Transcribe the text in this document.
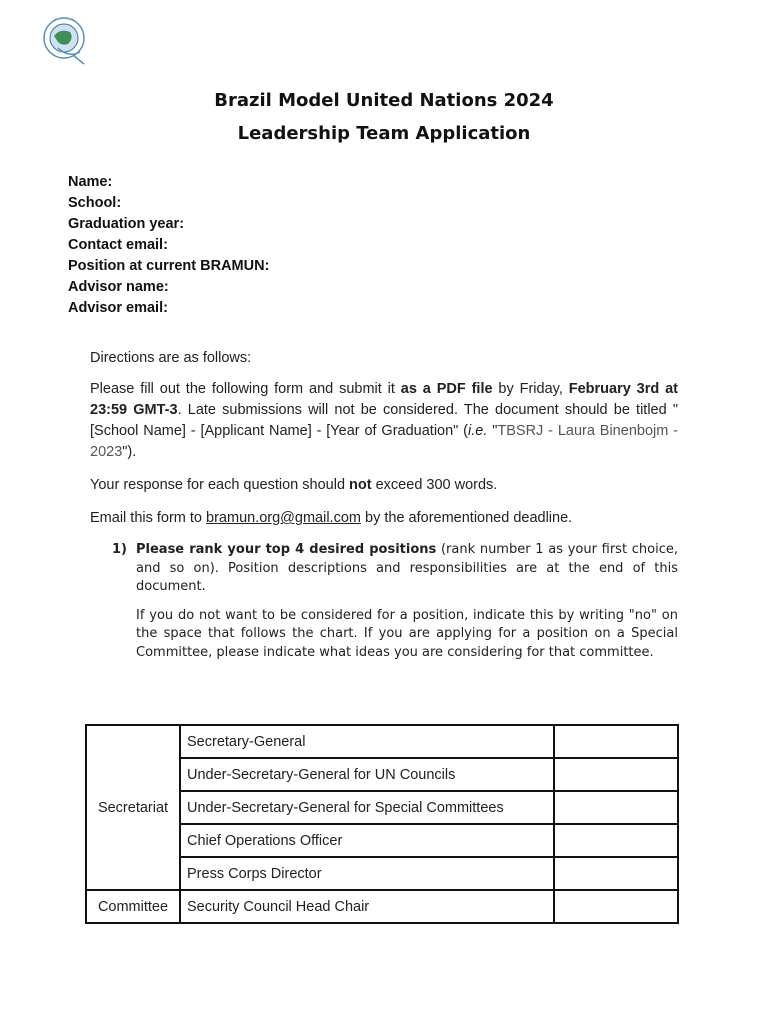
Brazil Model United Nations 2024
Leadership Team Application
Name:
School:
Graduation year:
Contact email:
Position at current BRAMUN:
Advisor name:
Advisor email:
Directions are as follows:
Please fill out the following form and submit it as a PDF file by Friday, February 3rd at 23:59 GMT-3. Late submissions will not be considered. The document should be titled "[School Name] - [Applicant Name] - [Year of Graduation" (i.e. "TBSRJ - Laura Binenbojm - 2023").
Your response for each question should not exceed 300 words.
Email this form to bramun.org@gmail.com by the aforementioned deadline.
1) Please rank your top 4 desired positions (rank number 1 as your first choice, and so on). Position descriptions and responsibilities are at the end of this document.
If you do not want to be considered for a position, indicate this by writing "no" on the space that follows the chart. If you are applying for a position on a Special Committee, please indicate what ideas you are considering for that committee.
Secretariat	Secretary-General	
	Under-Secretary-General for UN Councils	
	Under-Secretary-General for Special Committees	
	Chief Operations Officer	
	Press Corps Director	
Committee	Security Council Head Chair	
